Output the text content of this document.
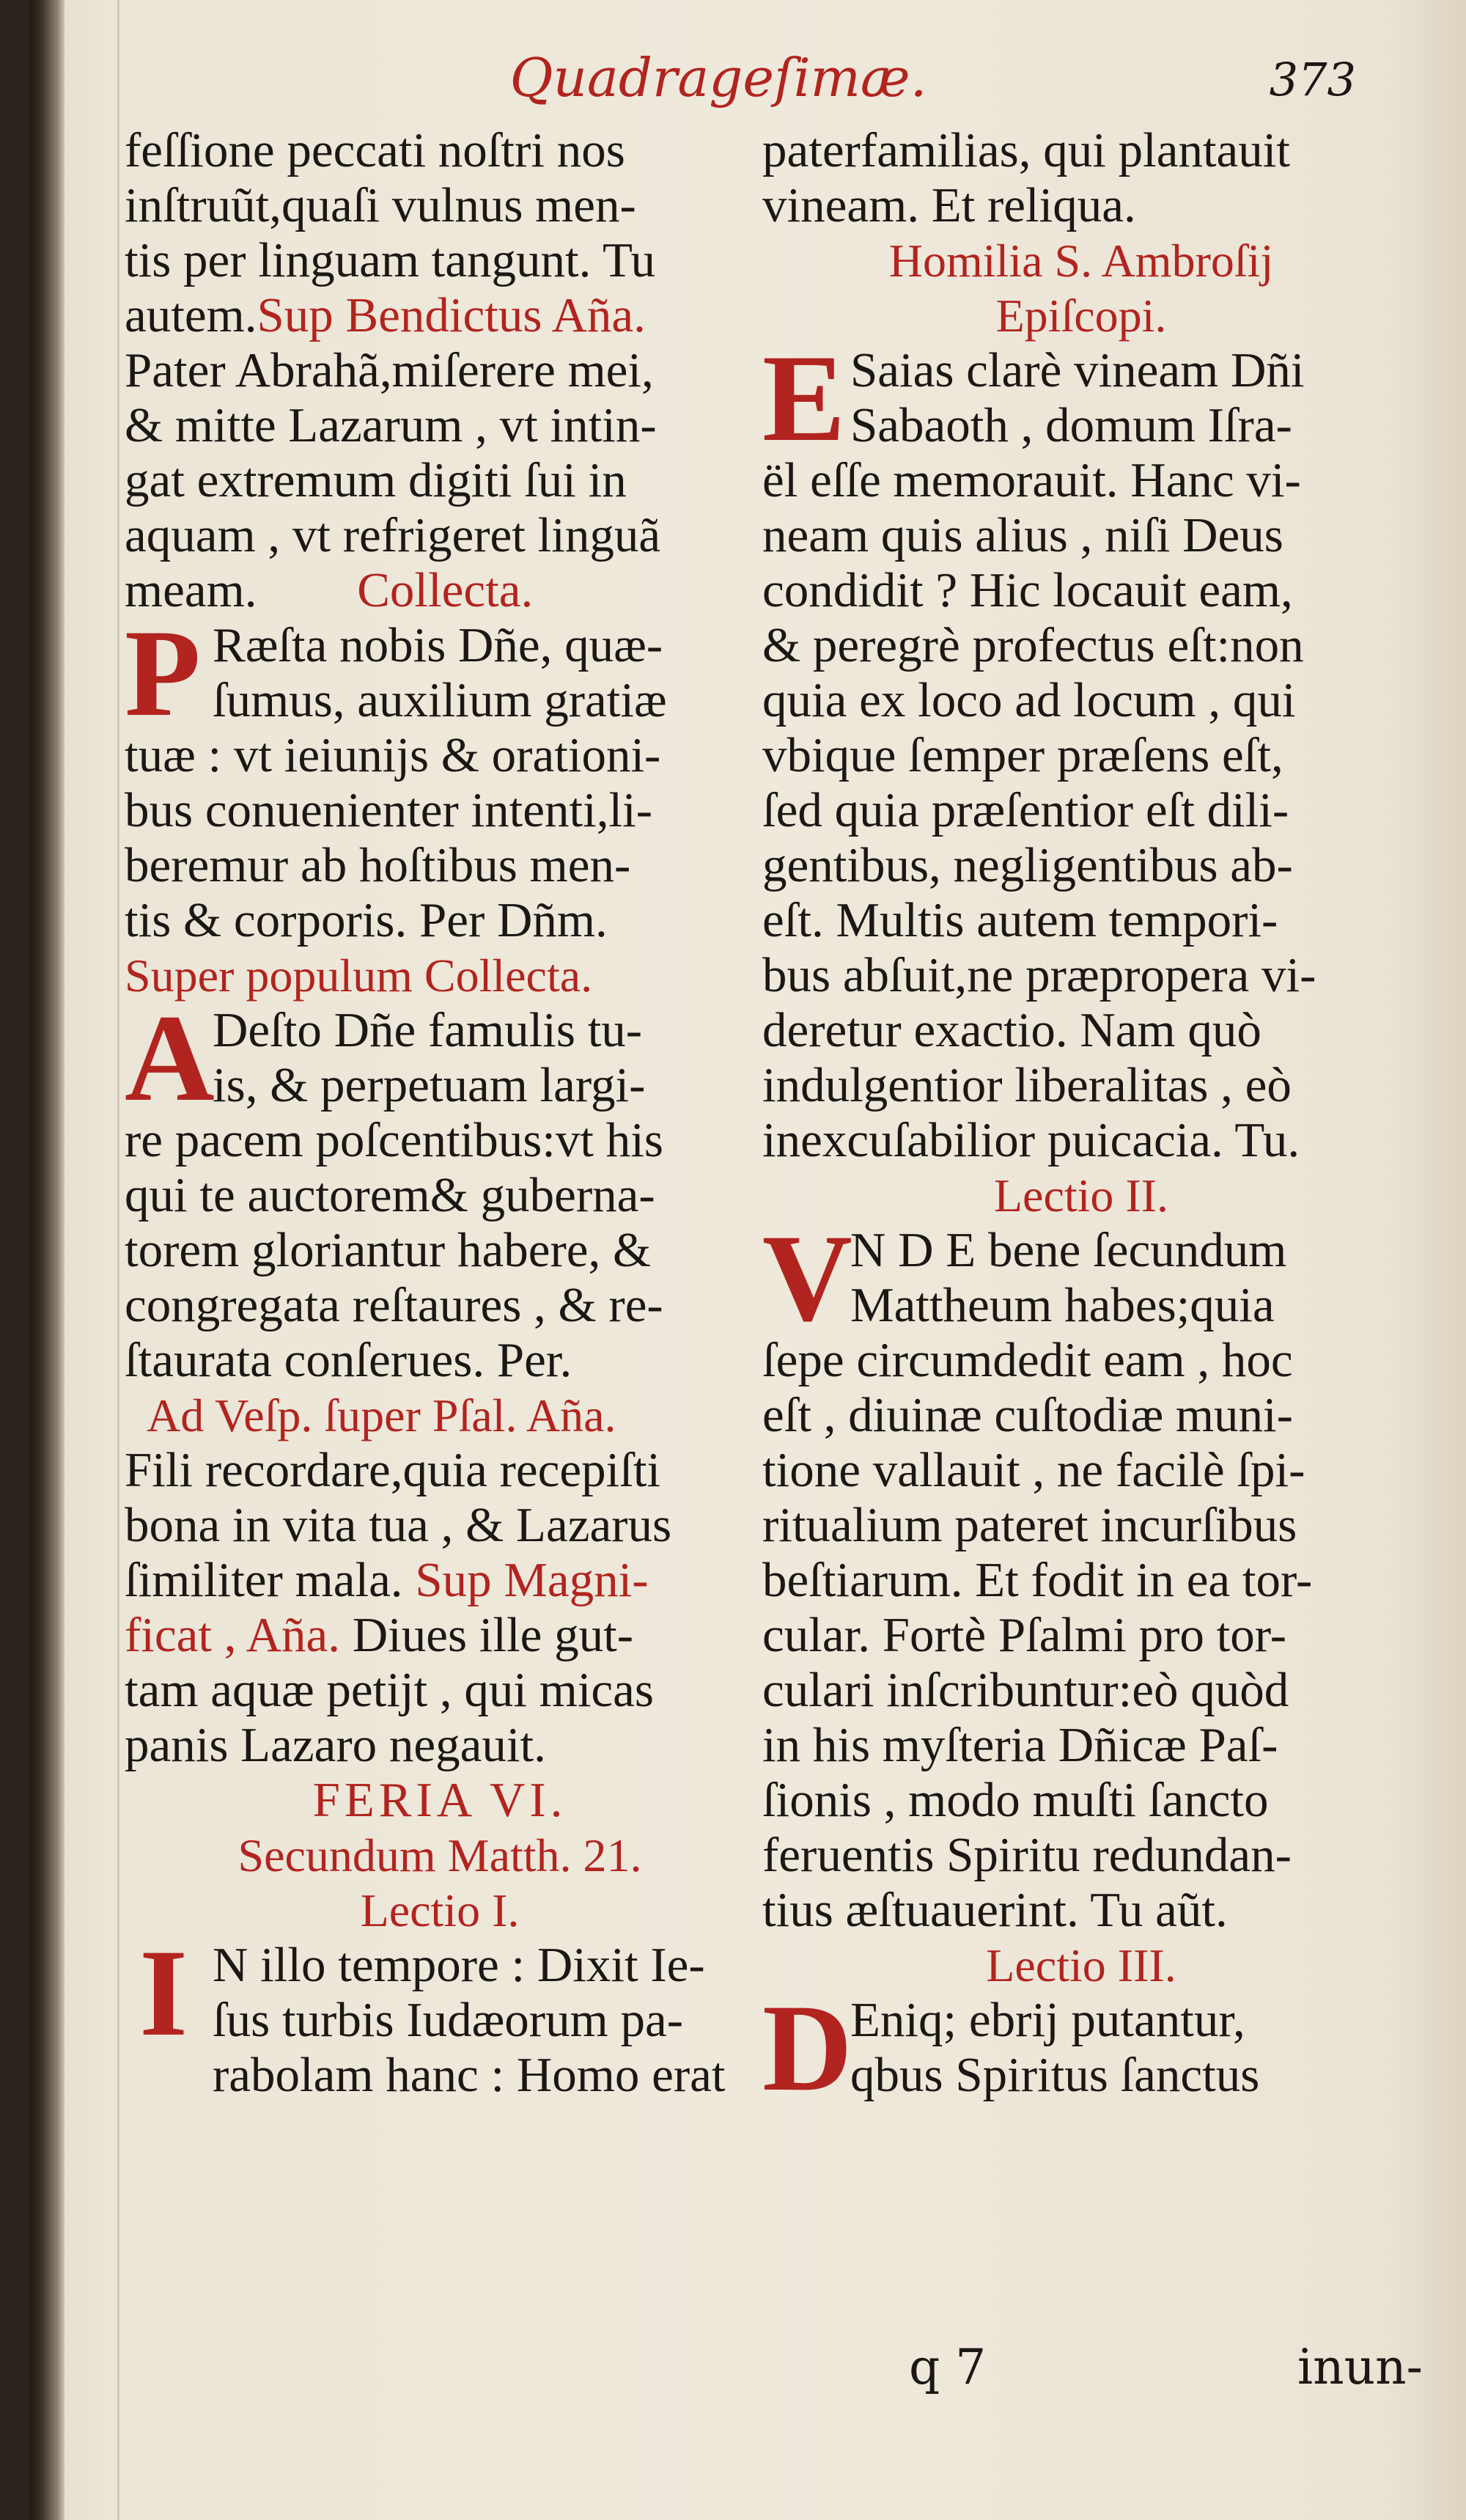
Quadrageſimæ.	373
feſſione peccati noſtri nos
inſtruũt,quaſi vulnus men-
tis per linguam tangunt. Tu
autem.Sup Bendictus Aña.
Pater Abrahã,miſerere mei,
& mitte Lazarum , vt intin-
gat extremum digiti ſui in
aquam , vt refrigeret linguã
meam. Collecta.
P Ræſta nobis Dñe, quæ-
ſumus, auxilium gratiæ
tuæ : vt ieiunijs & orationi-
bus conuenienter intenti,li-
beremur ab hoſtibus men-
tis & corporis. Per Dñm.
Super populum Collecta.
A
Deſto Dñe famulis tu-
is, & perpetuam largi-
re pacem poſcentibus:vt his
qui te auctorem& guberna-
torem gloriantur habere, &
congregata reſtaures , & re-
ſtaurata conſerues. Per.
Ad Veſp. ſuper Pſal. Aña.
Fili recordare,quia recepiſti
bona in vita tua , & Lazarus
ſimiliter mala. Sup Magni-
ficat , Aña. Diues ille gut-
tam aquæ petijt , qui micas
panis Lazaro negauit.
FERIA VI.
Secundum Matth. 21.
Lectio I.
I N illo tempore : Dixit Ie-
ſus turbis Iudæorum pa-
rabolam hanc : Homo erat
paterfamilias, qui plantauit
vineam. Et reliqua.
Homilia S. Ambroſij
Epiſcopi.
E Saias clarè vineam Dñi
Sabaoth , domum Iſra-
ël eſſe memorauit. Hanc vi-
neam quis alius , niſi Deus
condidit ? Hic locauit eam,
& peregrè profectus eſt:non
quia ex loco ad locum , qui
vbique ſemper præſens eſt,
ſed quia præſentior eſt dili-
gentibus, negligentibus ab-
eſt. Multis autem tempori-
bus abſuit,ne præpropera vi-
deretur exactio. Nam quò
indulgentior liberalitas , eò
inexcuſabilior puicacia. Tu.
Lectio II.
V
N D E bene ſecundum
Mattheum habes;quia
ſepe circumdedit eam , hoc
eſt , diuinæ cuſtodiæ muni-
tione vallauit , ne facilè ſpi-
ritualium pateret incurſibus
beſtiarum. Et fodit in ea tor-
cular. Fortè Pſalmi pro tor-
culari inſcribuntur:eò quòd
in his myſteria Dñicæ Paſ-
ſionis , modo muſti ſancto
feruentis Spiritu redundan-
tius æſtuauerint. Tu aũt.
Lectio III.
D
Eniq; ebrij putantur,
qbus Spiritus ſanctus
q 7	inun-
